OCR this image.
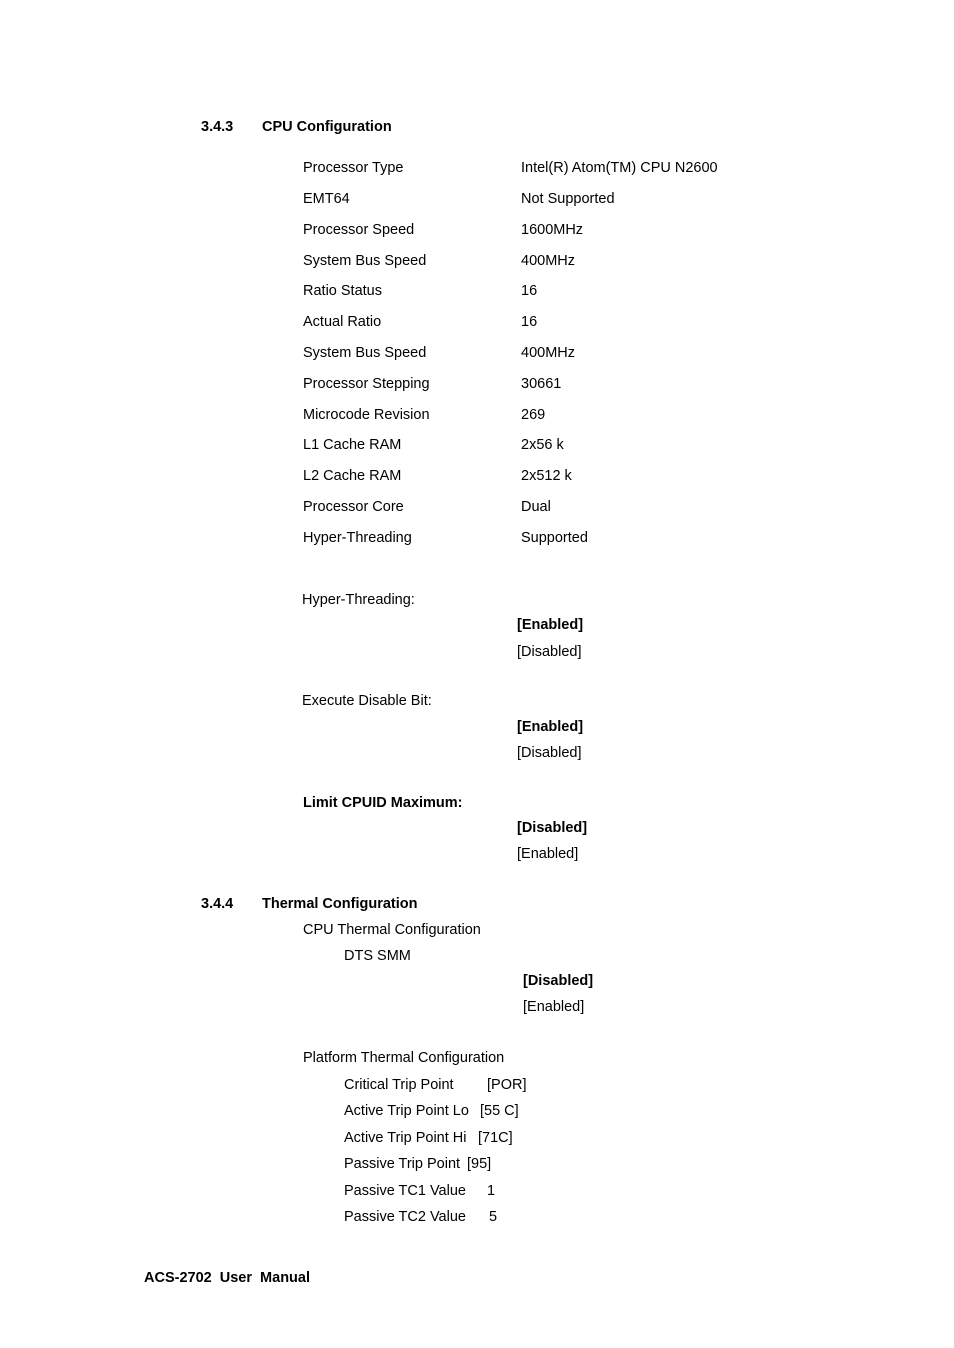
3.4.3 CPU Configuration
Processor Type	Intel(R) Atom(TM) CPU N2600
EMT64	Not Supported
Processor Speed	1600MHz
System Bus Speed	400MHz
Ratio Status	16
Actual Ratio	16
System Bus Speed	400MHz
Processor Stepping	30661
Microcode Revision	269
L1 Cache RAM	2x56 k
L2 Cache RAM	2x512 k
Processor Core	Dual
Hyper-Threading	Supported
Hyper-Threading:
[Enabled]
[Disabled]
Execute Disable Bit:
[Enabled]
[Disabled]
Limit CPUID Maximum:
[Disabled]
[Enabled]
3.4.4 Thermal Configuration
CPU Thermal Configuration
DTS SMM
[Disabled]
[Enabled]
Platform Thermal Configuration
Critical Trip Point [POR]
Active Trip Point Lo [55 C]
Active Trip Point Hi [71C]
Passive Trip Point [95]
Passive TC1 Value 1
Passive TC2 Value 5
ACS-2702  User  Manual
